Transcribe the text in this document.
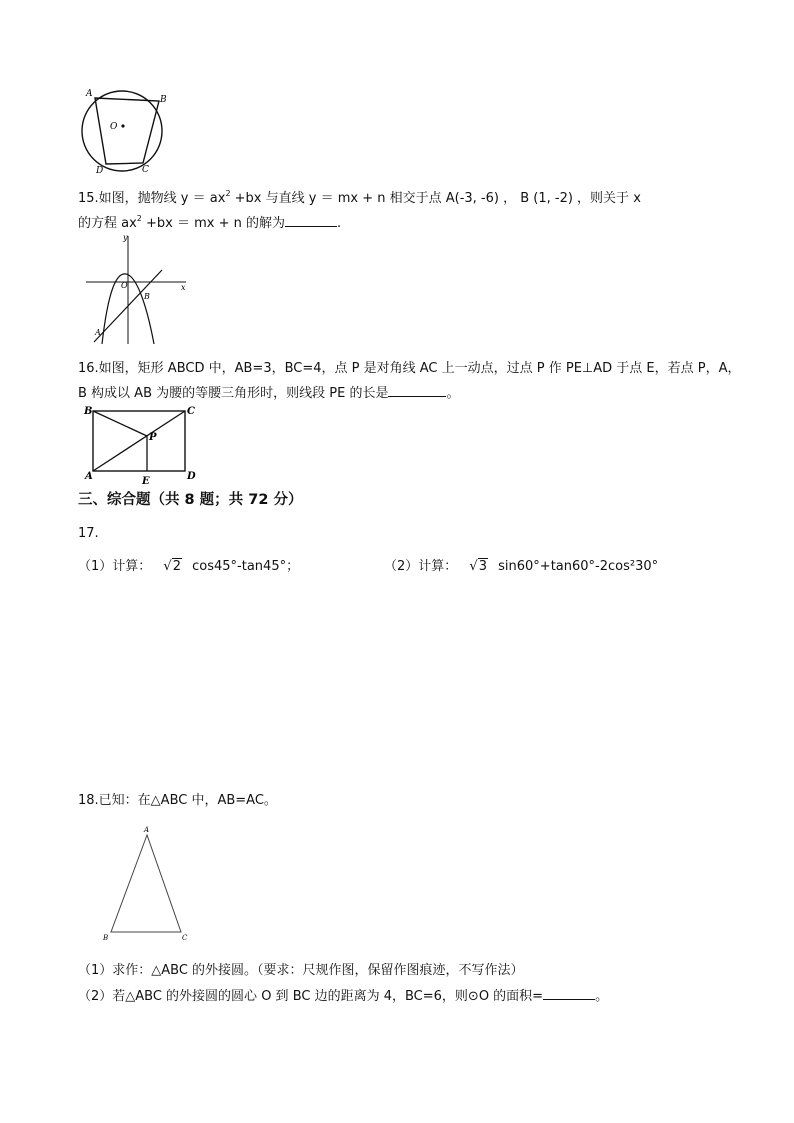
A
B
C
D
O
15.如图，抛物线 $y = ax^2 +bx$ 与直线 y ＝ mx + n 相交于点 A(-3, -6) ， B (1, -2) ，则关于 x
的方程 $ax^2 +bx$ ＝ mx + n 的解为	.
y
x
O
A
B
16.如图，矩形 ABCD 中，AB=3，BC=4，点 P 是对角线 AC 上一动点，过点 P 作 PE⊥AD 于点 E，若点 P，A，
B 构成以 AB 为腰的等腰三角形时，则线段 PE 的长是	。
B	C
A	D
E
P
三、综合题（共 8 题；共 72 分）
17.
（1）计算： √2 cos45°-tan45°；	（2）计算： √3 sin60°+tan60°-2cos²30°
18.已知：在△ABC 中，AB=AC。
A
B	C
（1）求作：△ABC 的外接圆。（要求：尺规作图，保留作图痕迹，不写作法）
（2）若△ABC 的外接圆的圆心 O 到 BC 边的距离为 4，BC=6，则⊙O 的面积=	。
